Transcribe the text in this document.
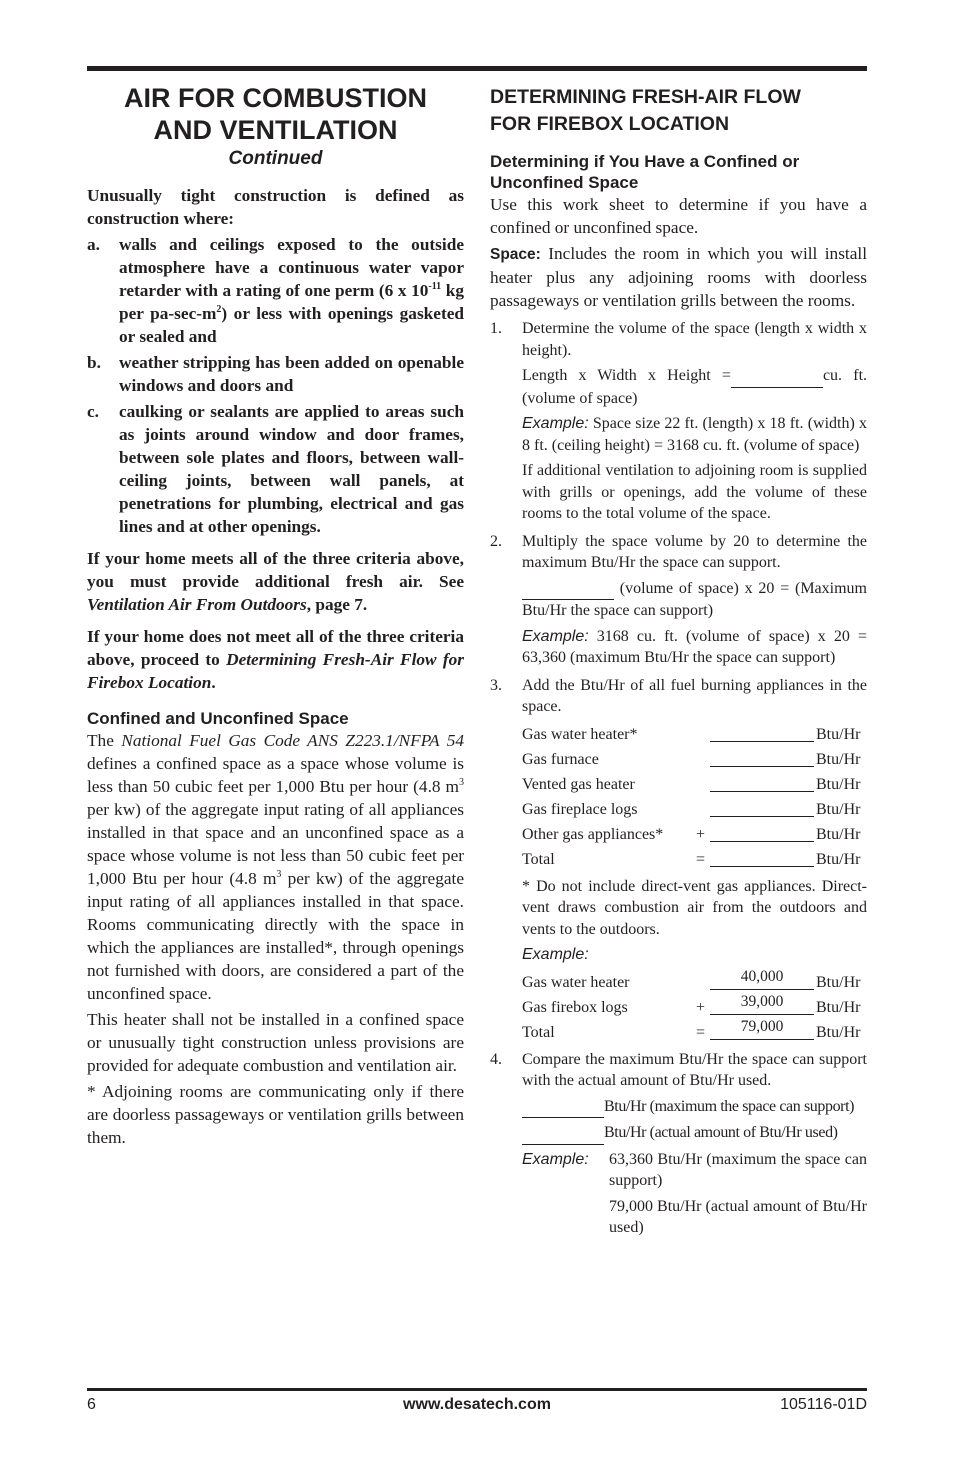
AIR FOR COMBUSTION
AND VENTILATION
Continued

Unusually tight construction is defined as construction where:

a.	walls and ceilings exposed to the outside atmosphere have a continuous water vapor retarder with a rating of one perm (6 x $10^{-11}$ kg per $pa-\sec-m^2$) or less with openings gasketed or sealed and
b.	weather stripping has been added on openable windows and doors and
c.	caulking or sealants are applied to areas such as joints around window and door frames, between sole plates and floors, between wall-ceiling joints, between wall panels, at penetrations for plumbing, electrical and gas lines and at other openings.

If your home meets all of the three criteria above, you must provide additional fresh air. See Ventilation Air From Outdoors, page 7.

If your home does not meet all of the three criteria above, proceed to Determining Fresh-Air Flow for Firebox Location.

Confined and Unconfined Space

The National Fuel Gas Code ANS Z223.1/NFPA 54 defines a confined space as a space whose volume is less than 50 cubic feet per 1,000 Btu per hour (4.8 $m^3$ per kw) of the aggregate input rating of all appliances installed in that space and an unconfined space as a space whose volume is not less than 50 cubic feet per 1,000 Btu per hour (4.8 $m^3$ per kw) of the aggregate input rating of all appliances installed in that space. Rooms communicating directly with the space in which the appliances are installed*, through openings not furnished with doors, are considered a part of the unconfined space.

This heater shall not be installed in a confined space or unusually tight construction unless provisions are provided for adequate combustion and ventilation air.

* Adjoining rooms are communicating only if there are doorless passageways or ventilation grills between them.

DETERMINING FRESH-AIR FLOW
FOR FIREBOX LOCATION
Determining if You Have a Confined or Unconfined Space

Use this work sheet to determine if you have a confined or unconfined space.

Space: Includes the room in which you will install heater plus any adjoining rooms with doorless passageways or ventilation grills between the rooms.

1.	Determine the volume of the space (length x width x height).

Length x Width x Height =	cu. ft. (volume of space)

Example: Space size 22 ft. (length) x 18 ft. (width) x 8 ft. (ceiling height) = 3168 cu. ft. (volume of space)

If additional ventilation to adjoining room is supplied with grills or openings, add the volume of these rooms to the total volume of the space.

2.	Multiply the space volume by 20 to determine the maximum Btu/Hr the space can support.

(volume of space) x 20 = (Maximum Btu/Hr the space can support)

Example: 3168 cu. ft. (volume of space) x 20 = 63,360 (maximum Btu/Hr the space can support)

3.	Add the Btu/Hr of all fuel burning appliances in the space.

Gas water heater*	Btu/Hr
Gas furnace	Btu/Hr
Vented gas heater	Btu/Hr
Gas fireplace logs	Btu/Hr
Other gas appliances*	+	Btu/Hr
Total	=	Btu/Hr

* Do not include direct-vent gas appliances. Direct-vent draws combustion air from the outdoors and vents to the outdoors.

Example:

Gas water heater	40,000	Btu/Hr
Gas firebox logs	+	39,000	Btu/Hr
Total	=	79,000	Btu/Hr
4.	Compare the maximum Btu/Hr the space can support with the actual amount of Btu/Hr used.

Btu/Hr (maximum the space can support)

Btu/Hr (actual amount of Btu/Hr used)

Example:	63,360 Btu/Hr (maximum the space can support)

79,000 Btu/Hr (actual amount of Btu/Hr used)

6	www.desatech.com	105116-01D
